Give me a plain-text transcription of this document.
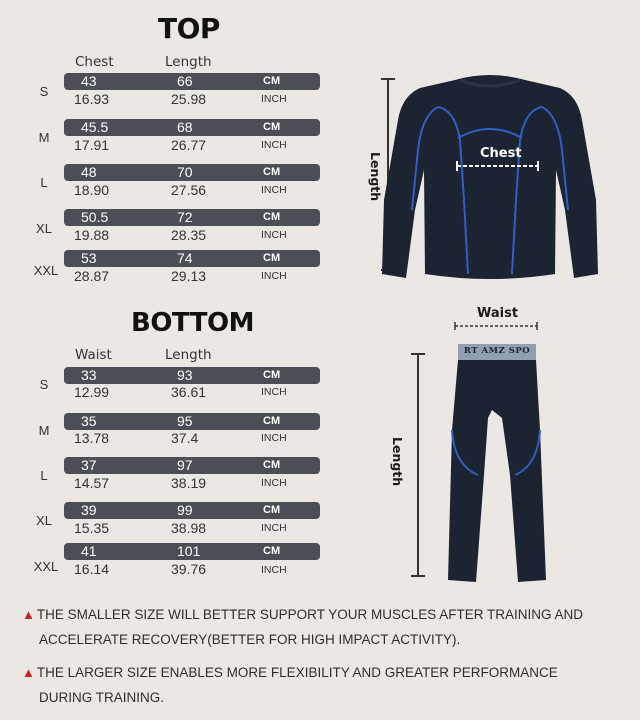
TOP
Chest	Length
S
43	66	CM
16.93	25.98	INCH
M
45.5	68	CM
17.91	26.77	INCH
L
48	70	CM
18.90	27.56	INCH
XL
50.5	72	CM
19.88	28.35	INCH
XXL
53	74	CM
28.87	29.13	INCH
Chest
Length
BOTTOM
Waist	Length
S
33	93	CM
12.99	36.61	INCH
M
35	95	CM
13.78	37.4	INCH
L
37	97	CM
14.57	38.19	INCH
XL
39	99	CM
15.35	38.98	INCH
XXL
41	101	CM
16.14	39.76	INCH
RT AMZ SPO
Waist
Length
▲ THE SMALLER SIZE WILL BETTER SUPPORT YOUR MUSCLES AFTER TRAINING AND
ACCELERATE RECOVERY(BETTER FOR HIGH IMPACT ACTIVITY).
▲ THE LARGER SIZE ENABLES MORE FLEXIBILITY AND GREATER PERFORMANCE
DURING TRAINING.
